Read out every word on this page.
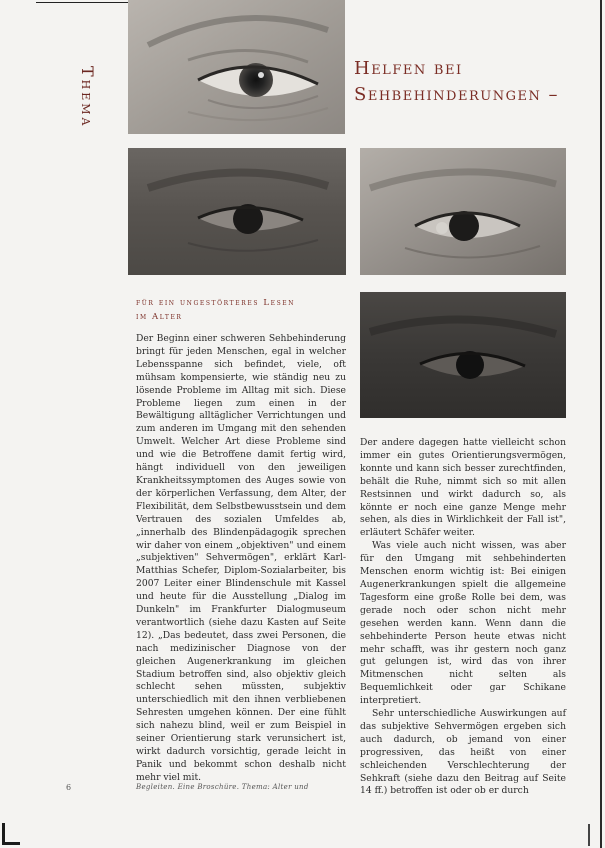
Thema	Helfen bei
Sehbehinderungen –
für ein ungestörteres Lesen
im Alter

Der Beginn einer schweren Sehbehinderung bringt für jeden Menschen, egal in welcher Lebensspanne sich befindet, viele, oft mühsam kompensierte, wie ständig neu zu lösende Probleme im Alltag mit sich. Diese Probleme liegen zum einen in der Bewältigung alltäglicher Verrichtungen und zum anderen im Umgang mit den sehenden Umwelt. Welcher Art diese Probleme sind und wie die Betroffene damit fertig wird, hängt individuell von den jeweiligen Krankheitssymptomen des Auges sowie von der körperlichen Verfassung, dem Alter, der Flexibilität, dem Selbstbewusstsein und dem Vertrauen des sozialen Umfeldes ab, „innerhalb des Blindenpädagogik sprechen wir daher von einem „objektiven" und einem „subjektiven" Sehvermögen", erklärt Karl-Matthias Schefer, Diplom-Sozialarbeiter, bis 2007 Leiter einer Blindenschule mit Kassel und heute für die Ausstellung „Dialog im Dunkeln" im Frankfurter Dialogmuseum verantwortlich (siehe dazu Kasten auf Seite 12). „Das bedeutet, dass zwei Personen, die nach medizinischer Diagnose von der gleichen Augenerkrankung im gleichen Stadium betroffen sind, also objektiv gleich schlecht sehen müssten, subjektiv unterschiedlich mit den ihnen verbliebenen Sehresten umgehen können. Der eine fühlt sich nahezu blind, weil er zum Beispiel in seiner Orientierung stark verunsichert ist, wirkt dadurch vorsichtig, gerade leicht in Panik und bekommt schon deshalb nicht mehr viel mit.

Der andere dagegen hatte vielleicht schon immer ein gutes Orientierungsvermögen, konnte und kann sich besser zurechtfinden, behält die Ruhe, nimmt sich so mit allen Restsinnen und wirkt dadurch so, als könnte er noch eine ganze Menge mehr sehen, als dies in Wirklichkeit der Fall ist", erläutert Schäfer weiter.

Was viele auch nicht wissen, was aber für den Umgang mit sehbehinderten Menschen enorm wichtig ist: Bei einigen Augenerkrankungen spielt die allgemeine Tagesform eine große Rolle bei dem, was gerade noch oder schon nicht mehr gesehen werden kann. Wenn dann die sehbehinderte Person heute etwas nicht mehr schafft, was ihr gestern noch ganz gut gelungen ist, wird das von ihrer Mitmenschen nicht selten als Bequemlichkeit oder gar Schikane interpretiert.

Sehr unterschiedliche Auswirkungen auf das subjektive Sehvermögen ergeben sich auch dadurch, ob jemand von einer progressiven, das heißt von einer schleichenden Verschlechterung der Sehkraft (siehe dazu den Beitrag auf Seite 14 ff.) betroffen ist oder ob er durch

6	Begleiten. Eine Broschüre. Thema: Alter und
